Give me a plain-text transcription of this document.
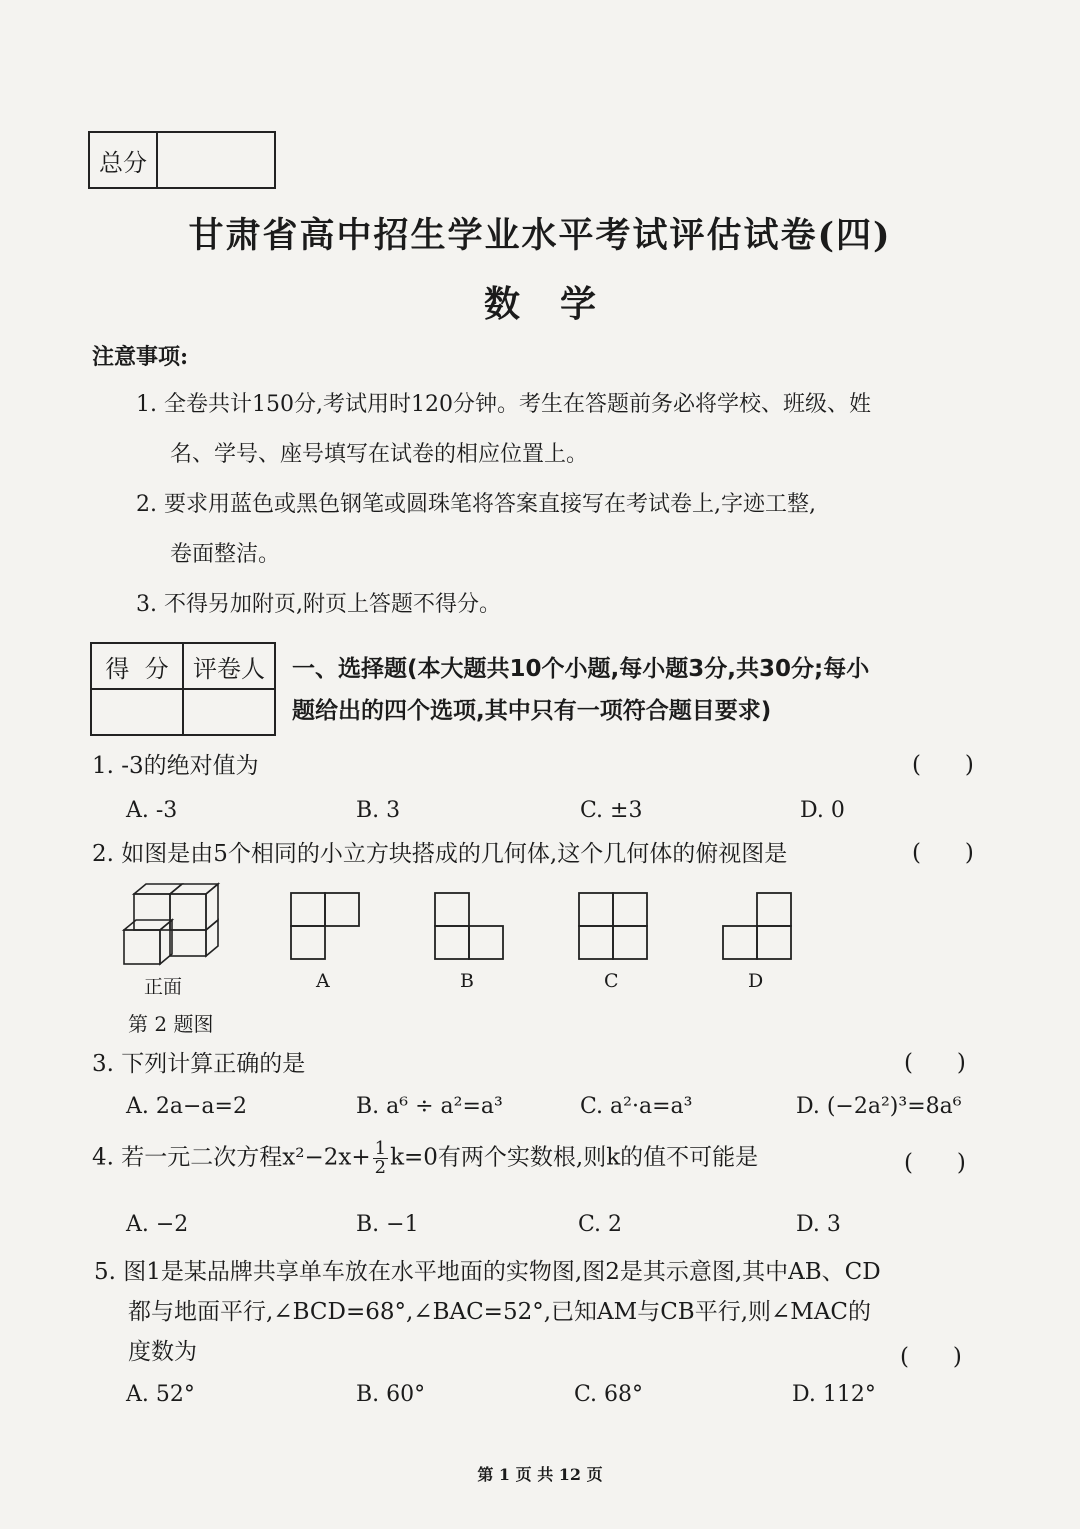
总分
甘肃省高中招生学业水平考试评估试卷(四)
数学
注意事项:
1. 全卷共计150分,考试用时120分钟。考生在答题前务必将学校、班级、姓
名、学号、座号填写在试卷的相应位置上。
2. 要求用蓝色或黑色钢笔或圆珠笔将答案直接写在考试卷上,字迹工整,
卷面整洁。
3. 不得另加附页,附页上答题不得分。
得  分	评卷人	一、选择题(本大题共10个小题,每小题3分,共30分;每小
题给出的四个选项,其中只有一项符合题目要求)
1. -3的绝对值为	(      )
A. -3	B. 3	C. ±3	D. 0
2. 如图是由5个相同的小立方块搭成的几何体,这个几何体的俯视图是	(      )
正面
第 2 题图
A	B	C	D
3. 下列计算正确的是	(      )
A. 2a−a=2	B. a⁶ ÷ a²=a³	C. a²·a=a³	D. (−2a²)³=8a⁶
4. 若一元二次方程$x^2-2x+ \frac{1}{2} k=0$有两个实数根,则k的值不可能是	(      )
A. −2	B. −1	C. 2	D. 3
5. 图1是某品牌共享单车放在水平地面的实物图,图2是其示意图,其中AB、CD
都与地面平行,∠BCD=68°,∠BAC=52°,已知AM与CB平行,则∠MAC的
度数为	(      )
A. 52°	B. 60°	C. 68°	D. 112°
第 1 页 共 12 页
